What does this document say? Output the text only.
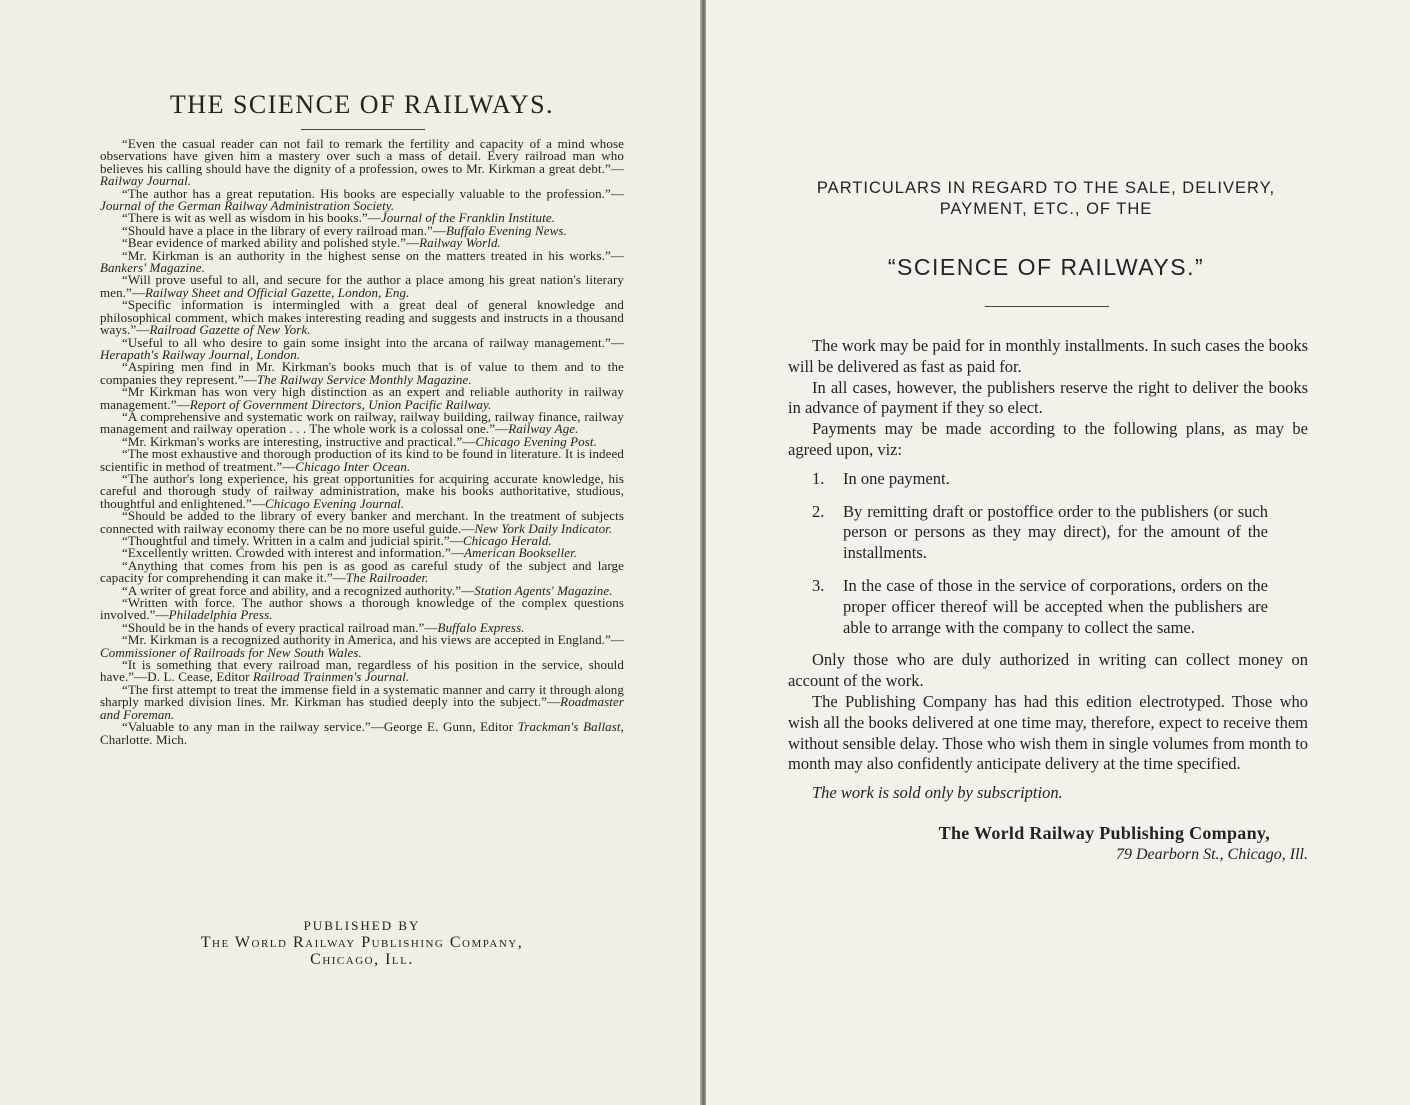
THE SCIENCE OF RAILWAYS.

“Even the casual reader can not fail to remark the fertility and capacity of a mind whose observations have given him a mastery over such a mass of detail. Every railroad man who believes his calling should have the dignity of a profession, owes to Mr. Kirkman a great debt.”—Railway Journal.

“The author has a great reputation. His books are especially valuable to the profession.”—Journal of the German Railway Administration Society.

“There is wit as well as wisdom in his books.”—Journal of the Franklin Institute.

“Should have a place in the library of every railroad man.”—Buffalo Evening News.

“Bear evidence of marked ability and polished style.”—Railway World.

“Mr. Kirkman is an authority in the highest sense on the matters treated in his works.”—Bankers' Magazine.

“Will prove useful to all, and secure for the author a place among his great nation's literary men.”—Railway Sheet and Official Gazette, London, Eng.

“Specific information is intermingled with a great deal of general knowledge and philosophical comment, which makes interesting reading and suggests and instructs in a thousand ways.”—Railroad Gazette of New York.

“Useful to all who desire to gain some insight into the arcana of railway management.”—Herapath's Railway Journal, London.

“Aspiring men find in Mr. Kirkman's books much that is of value to them and to the companies they represent.”—The Railway Service Monthly Magazine.

“Mr Kirkman has won very high distinction as an expert and reliable authority in railway management.”—Report of Government Directors, Union Pacific Railway.

“A comprehensive and systematic work on railway, railway building, railway finance, railway management and railway operation . . . The whole work is a colossal one.”—Railway Age.

“Mr. Kirkman's works are interesting, instructive and practical.”—Chicago Evening Post.

“The most exhaustive and thorough production of its kind to be found in literature. It is indeed scientific in method of treatment.”—Chicago Inter Ocean.

“The author's long experience, his great opportunities for acquiring accurate knowledge, his careful and thorough study of railway administration, make his books authoritative, studious, thoughtful and enlightened.”—Chicago Evening Journal.

“Should be added to the library of every banker and merchant. In the treatment of subjects connected with railway economy there can be no more useful guide.—New York Daily Indicator.

“Thoughtful and timely. Written in a calm and judicial spirit.”—Chicago Herald.

“Excellently written. Crowded with interest and information.”—American Bookseller.

“Anything that comes from his pen is as good as careful study of the subject and large capacity for comprehending it can make it.”—The Railroader.

“A writer of great force and ability, and a recognized authority.”—Station Agents' Magazine.

“Written with force. The author shows a thorough knowledge of the complex questions involved.”—Philadelphia Press.

“Should be in the hands of every practical railroad man.”—Buffalo Express.

“Mr. Kirkman is a recognized authority in America, and his views are accepted in England.”—Commissioner of Railroads for New South Wales.

“It is something that every railroad man, regardless of his position in the service, should have.”—D. L. Cease, Editor Railroad Trainmen's Journal.

“The first attempt to treat the immense field in a systematic manner and carry it through along sharply marked division lines. Mr. Kirkman has studied deeply into the subject.”—Roadmaster and Foreman.

“Valuable to any man in the railway service.”—George E. Gunn, Editor Trackman's Ballast, Charlotte. Mich.

PUBLISHED BY
The World Railway Publishing Company,
Chicago, Ill.
PARTICULARS IN REGARD TO THE SALE, DELIVERY,
PAYMENT, ETC., OF THE
“SCIENCE OF RAILWAYS.”

The work may be paid for in monthly installments. In such cases the books will be delivered as fast as paid for.

In all cases, however, the publishers reserve the right to deliver the books in advance of payment if they so elect.

Payments may be made according to the following plans, as may be agreed upon, viz:

1. In one payment.
2. By remitting draft or postoffice order to the publishers (or such person or persons as they may direct), for the amount of the installments.
3. In the case of those in the service of corporations, orders on the proper officer thereof will be accepted when the publishers are able to arrange with the company to collect the same.

Only those who are duly authorized in writing can collect money on account of the work.

The Publishing Company has had this edition electrotyped. Those who wish all the books delivered at one time may, therefore, expect to receive them without sensible delay. Those who wish them in single volumes from month to month may also confidently anticipate delivery at the time specified.

The work is sold only by subscription.

The World Railway Publishing Company,
79 Dearborn St., Chicago, Ill.
